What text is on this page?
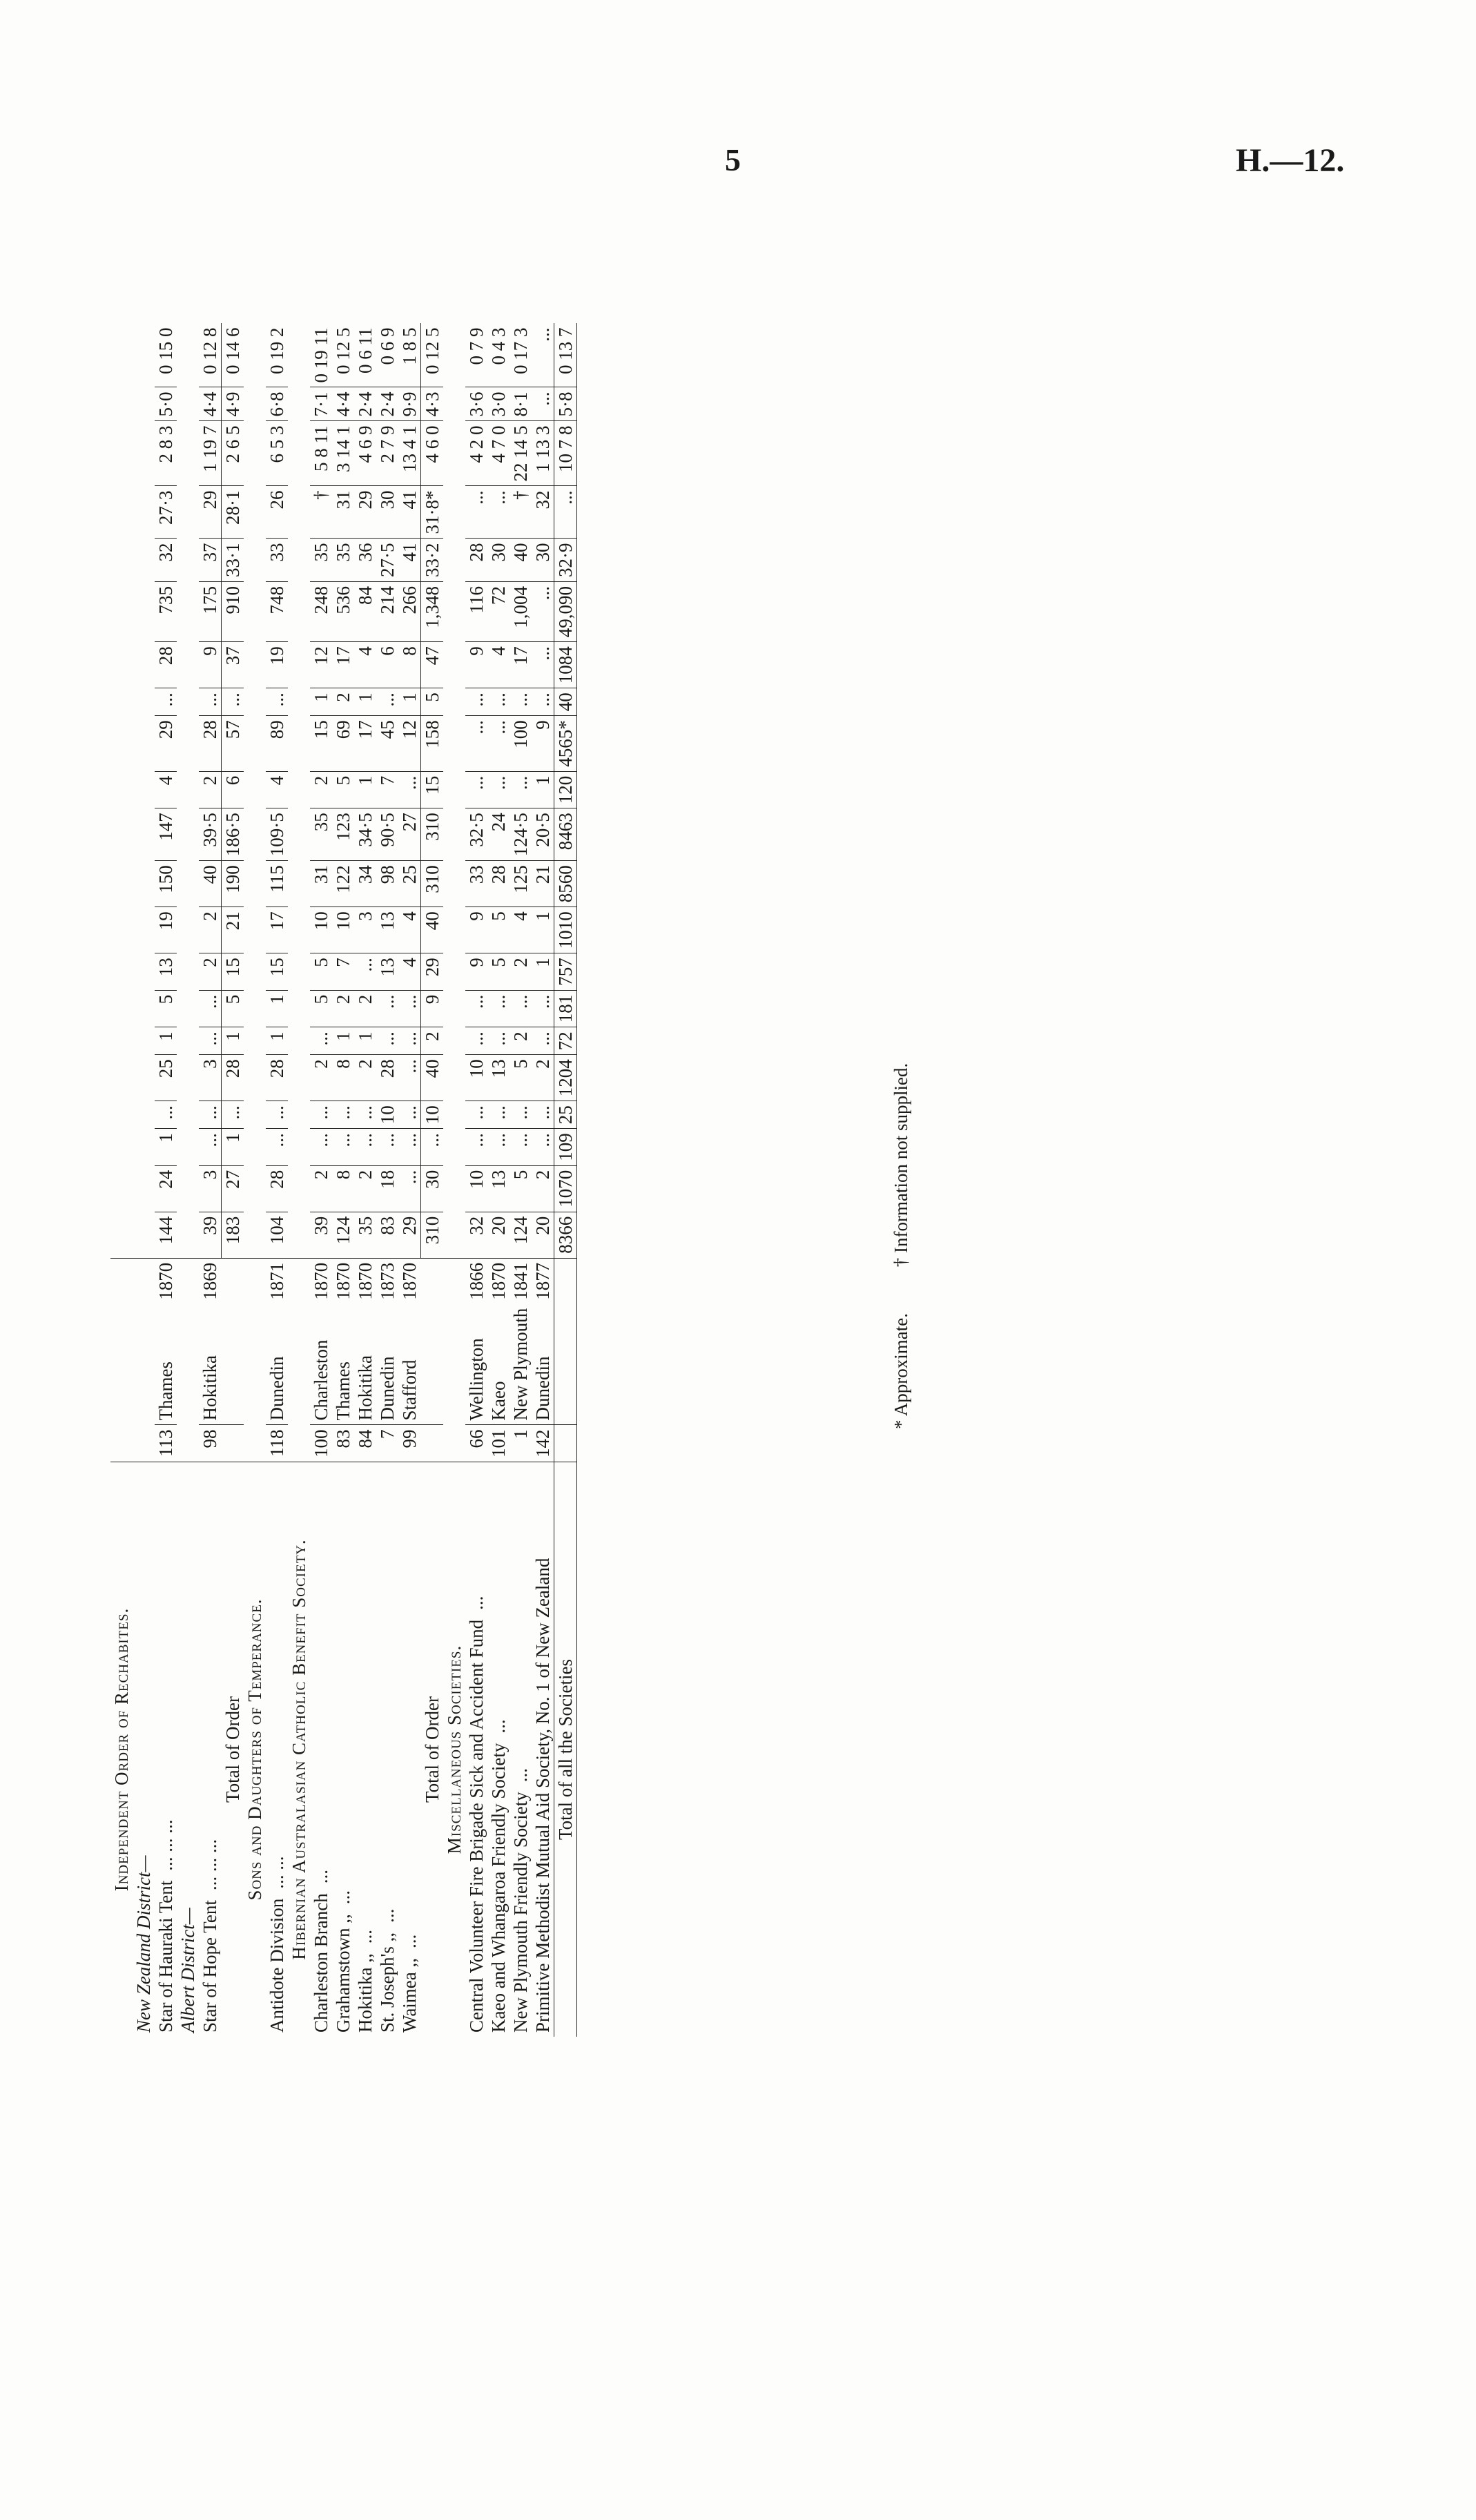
5	H.—12.
Independent Order of Rechabites.																								
New Zealand District—																								
Star of Hauraki Tent... ... ...	113	Thames	1870	144	24	1	...	25	1	5	13	19	150	147	4	29	...	28	735	32	27·3	2 8 3	5·0	0 15 0
Albert District—																								
Star of Hope Tent... ... ...	98	Hokitika	1869	39	3	...	...	3	...	...	2	2	40	39·5	2	28	...	9	175	37	29	1 19 7	4·4	0 12 8
Total of Order				183	27	1	...	28	1	5	15	21	190	186·5	6	57	...	37	910	33·1	28·1	2 6 5	4·9	0 14 6
Sons and Daughters of Temperance.																								
Antidote Division... ...	118	Dunedin	1871	104	28	...	...	28	1	1	15	17	115	109·5	4	89	...	19	748	33	26	6 5 3	6·8	0 19 2
Hibernian Australasian Catholic Benefit Society.																								
Charleston Branch...	100	Charleston	1870	39	2	...	...	2	...	5	5	10	31	35	2	15	1	12	248	35	†	5 8 11	7·1	0 19 11
Grahamstown ,,...	83	Thames	1870	124	8	...	...	8	1	2	7	10	122	123	5	69	2	17	536	35	31	3 14 1	4·4	0 12 5
Hokitika ,,...	84	Hokitika	1870	35	2	...	...	2	1	2	...	3	34	34·5	1	17	1	4	84	36	29	4 6 9	2·4	0 6 11
St. Joseph's ,,...	7	Dunedin	1873	83	18	...	10	28	...	...	13	13	98	90·5	7	45	...	6	214	27·5	30	2 7 9	2·4	0 6 9
Waimea ,,...	99	Stafford	1870	29	...	...	...	...	...	...	4	4	25	27	...	12	1	8	266	41	41	13 4 1	9·9	1 8 5
Total of Order				310	30	...	10	40	2	9	29	40	310	310	15	158	5	47	1,348	33·2	31·8*	4 6 0	4·3	0 12 5
Miscellaneous Societies.																								
Central Volunteer Fire Brigade Sick and Accident Fund...	66	Wellington	1866	32	10	...	...	10	...	...	9	9	33	32·5	...	...	...	9	116	28	...	4 2 0	3·6	0 7 9
Kaeo and Whangaroa Friendly Society...	101	Kaeo	1870	20	13	...	...	13	...	...	5	5	28	24	...	...	...	4	72	30	...	4 7 0	3·0	0 4 3
New Plymouth Friendly Society...	1	New Plymouth	1841	124	5	...	...	5	2	...	2	4	125	124·5	...	100	...	17	1,004	40	†	22 14 5	8·1	0 17 3
Primitive Methodist Mutual Aid Society, No. 1 of New Zealand	142	Dunedin	1877	20	2	...	...	2	...	...	1	1	21	20·5	1	9	...	...	...	30	32	1 13 3	...	...
Total of all the Societies				8366	1070	109	25	1204	72	181	757	1010	8560	8463	120	4565*	40	1084	49,090	32·9	...	10 7 8	5·8	0 13 7
* Approximate. † Information not supplied.
